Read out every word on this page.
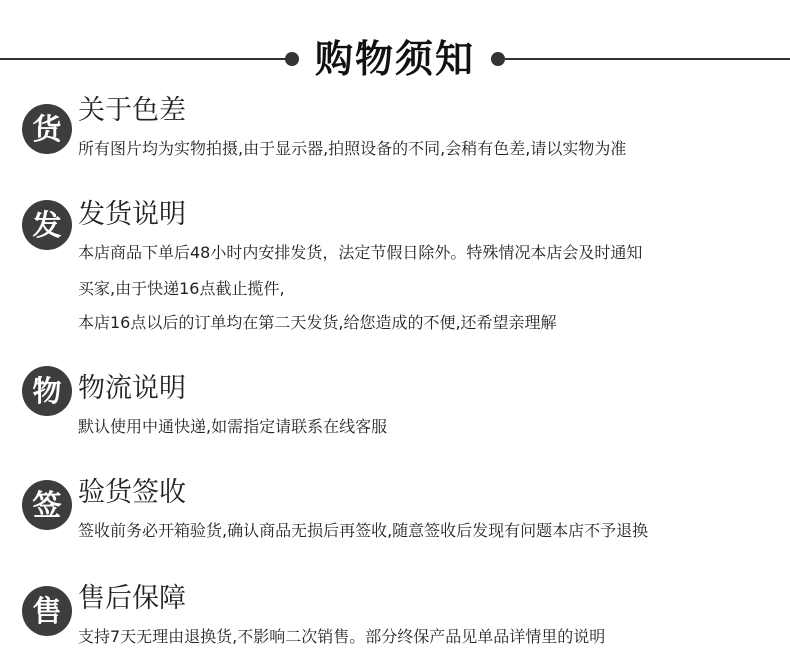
购物须知
货
关于色差
所有图片均为实物拍摄,由于显示器,拍照设备的不同,会稍有色差,请以实物为准
发 发货说明
本店商品下单后48小时内安排发货，法定节假日除外。特殊情况本店会及时通知
买家,由于快递16点截止揽件,
本店16点以后的订单均在第二天发货,给您造成的不便,还希望亲理解
物 物流说明
默认使用中通快递,如需指定请联系在线客服
签 验货签收
签收前务必开箱验货,确认商品无损后再签收,随意签收后发现有问题本店不予退换
售 售后保障
支持7天无理由退换货,不影响二次销售。部分终保产品见单品详情里的说明
